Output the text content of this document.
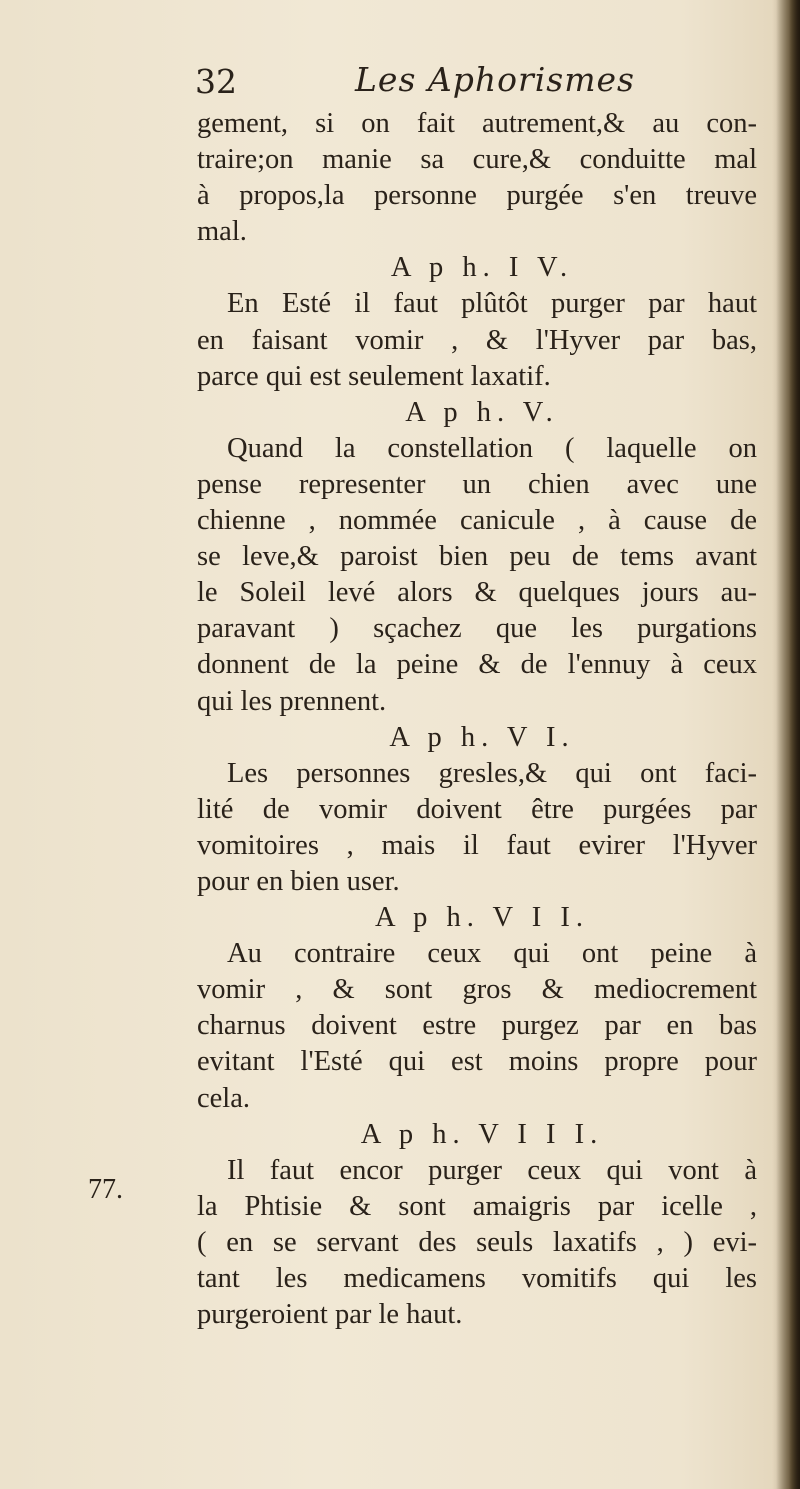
32	Les Aphorismes
77.
gement, si on fait autrement,& au con-
traire;on manie sa cure,& conduitte mal
à propos,la personne purgée s'en treuve
mal.
A p h. I V.
En Esté il faut plûtôt purger par haut
en faisant vomir , & l'Hyver par bas,
parce qui est seulement laxatif.
A p h. V.
Quand la constellation ( laquelle on
pense representer un chien avec une
chienne , nommée canicule , à cause de
se leve,& paroist bien peu de tems avant
le Soleil levé alors & quelques jours au-
paravant ) sçachez que les purgations
donnent de la peine & de l'ennuy à ceux
qui les prennent.
A p h. V I.
Les personnes gresles,& qui ont faci-
lité de vomir doivent être purgées par
vomitoires , mais il faut evirer l'Hyver
pour en bien user.
A p h. V I I.
Au contraire ceux qui ont peine à
vomir , & sont gros & mediocrement
charnus doivent estre purgez par en bas
evitant l'Esté qui est moins propre pour
cela.
A p h. V I I I.
Il faut encor purger ceux qui vont à
la Phtisie & sont amaigris par icelle ,
( en se servant des seuls laxatifs , ) evi-
tant les medicamens vomitifs qui les
purgeroient par le haut.
